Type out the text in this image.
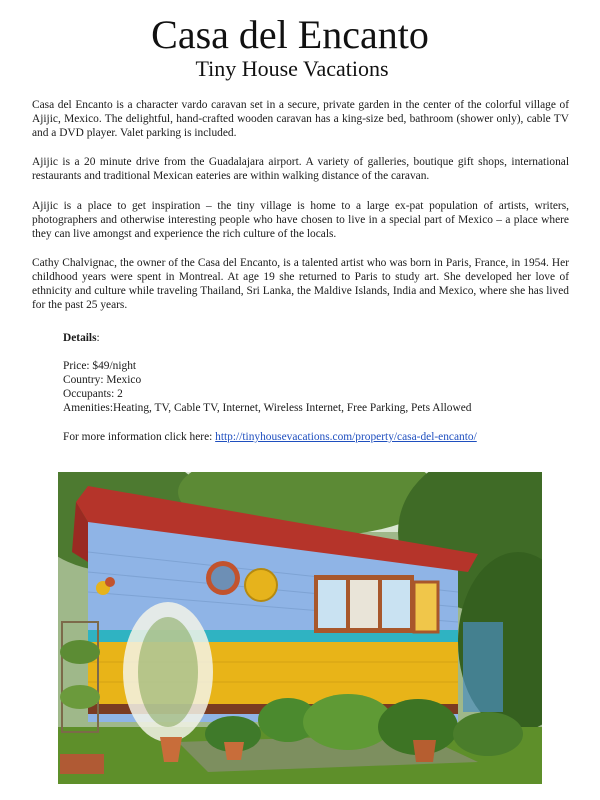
Casa del Encanto
Tiny House Vacations

Casa del Encanto is a character vardo caravan set in a secure, private garden in the center of the colorful village of Ajijic, Mexico. The delightful, hand-crafted wooden caravan has a king-size bed, bathroom (shower only), cable TV and a DVD player. Valet parking is included.

Ajijic is a 20 minute drive from the Guadalajara airport. A variety of galleries, boutique gift shops, international restaurants and traditional Mexican eateries are within walking distance of the caravan.

Ajijic is a place to get inspiration – the tiny village is home to a large ex-pat population of artists, writers, photographers and otherwise interesting people who have chosen to live in a special part of Mexico – a place where they can live amongst and experience the rich culture of the locals.

Cathy Chalvignac, the owner of the Casa del Encanto, is a talented artist who was born in Paris, France, in 1954. Her childhood years were spent in Montreal. At age 19 she returned to Paris to study art. She developed her love of ethnicity and culture while traveling Thailand, Sri Lanka, the Maldive Islands, India and Mexico, where she has lived for the past 25 years.

Details:

Price: $49/night
Country: Mexico
Occupants: 2
Amenities:Heating, TV, Cable TV, Internet, Wireless Internet, Free Parking, Pets Allowed
For more information click here: http://tinyhousevacations.com/property/casa-del-encanto/
